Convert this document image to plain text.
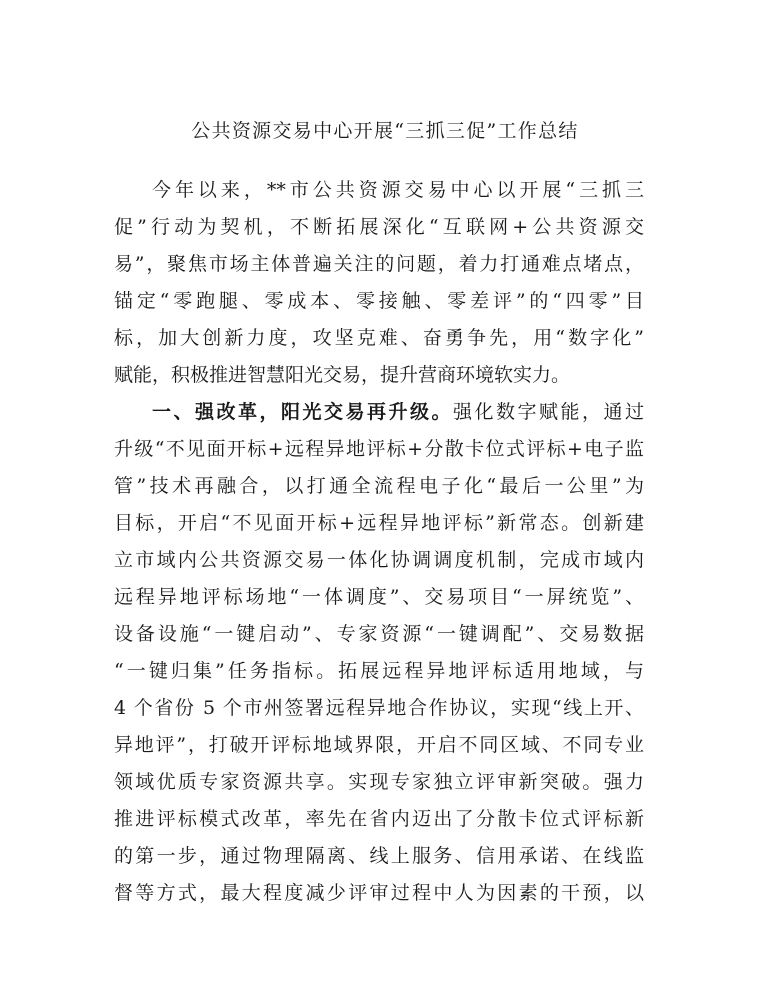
公共资源交易中心开展“三抓三促”工作总结
今年以来，**市公共资源交易中心以开展“三抓三
促”行动为契机，不断拓展深化“互联网+公共资源交
易”，聚焦市场主体普遍关注的问题，着力打通难点堵点，
锚定“零跑腿、零成本、零接触、零差评”的“四零”目
标，加大创新力度，攻坚克难、奋勇争先，用“数字化”
赋能，积极推进智慧阳光交易，提升营商环境软实力。
一、强改革，阳光交易再升级。强化数字赋能，通过
升级“不见面开标+远程异地评标+分散卡位式评标+电子监
管”技术再融合，以打通全流程电子化“最后一公里”为
目标，开启“不见面开标+远程异地评标”新常态。创新建
立市域内公共资源交易一体化协调调度机制，完成市域内
远程异地评标场地“一体调度”、交易项目“一屏统览”、
设备设施“一键启动”、专家资源“一键调配”、交易数据
“一键归集”任务指标。拓展远程异地评标适用地域，与
4 个省份 5 个市州签署远程异地合作协议，实现“线上开、
异地评”，打破开评标地域界限，开启不同区域、不同专业
领域优质专家资源共享。实现专家独立评审新突破。强力
推进评标模式改革，率先在省内迈出了分散卡位式评标新
的第一步，通过物理隔离、线上服务、信用承诺、在线监
督等方式，最大程度减少评审过程中人为因素的干预，以
